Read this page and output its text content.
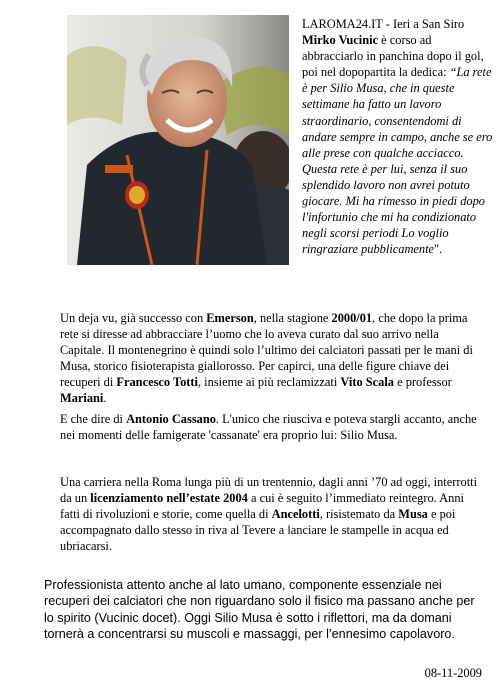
LAROMA24.IT - Ieri a San Siro Mirko Vucinic è corso ad abbracciarlo in panchina dopo il gol, poi nel dopopartita la dedica: “La rete è per Silio Musa, che in queste settimane ha fatto un lavoro straordinario, consentendomi di andare sempre in campo, anche se ero alle prese con qualche acciacco. Questa rete è per lui, senza il suo splendido lavoro non avrei potuto giocare. Mi ha rimesso in piedi dopo l'infortunio che mi ha condizionato negli scorsi periodi Lo voglio ringraziare pubblicamente".

Un deja vu, già successo con Emerson, nella stagione 2000/01, che dopo la prima rete si diresse ad abbracciare l’uomo che lo aveva curato dal suo arrivo nella Capitale. Il montenegrino è quindi solo l’ultimo dei calciatori passati per le mani di Musa, storico fisioterapista giallorosso. Per capirci, una delle figure chiave dei recuperi di Francesco Totti, insieme ai più reclamizzati Vito Scala e professor Mariani.

E che dire di Antonio Cassano. L'unico che riusciva e poteva stargli accanto, anche nei momenti delle famigerate 'cassanate' era proprio lui: Silio Musa.

Una carriera nella Roma lunga più di un trentennio, dagli anni ’70 ad oggi, interrotti da un licenziamento nell’estate 2004 a cui è seguito l’immediato reintegro. Anni fatti di rivoluzioni e storie, come quella di Ancelotti, risistemato da Musa e poi accompagnato dallo stesso in riva al Tevere a lanciare le stampelle in acqua ed ubriacarsi.

Professionista attento anche al lato umano, componente essenziale nei recuperi dei calciatori che non riguardano solo il fisico ma passano anche per lo spirito (Vucinic docet). Oggi Silio Musa è sotto i riflettori, ma da domani tornerà a concentrarsi su muscoli e massaggi, per l’ennesimo capolavoro.

08-11-2009
